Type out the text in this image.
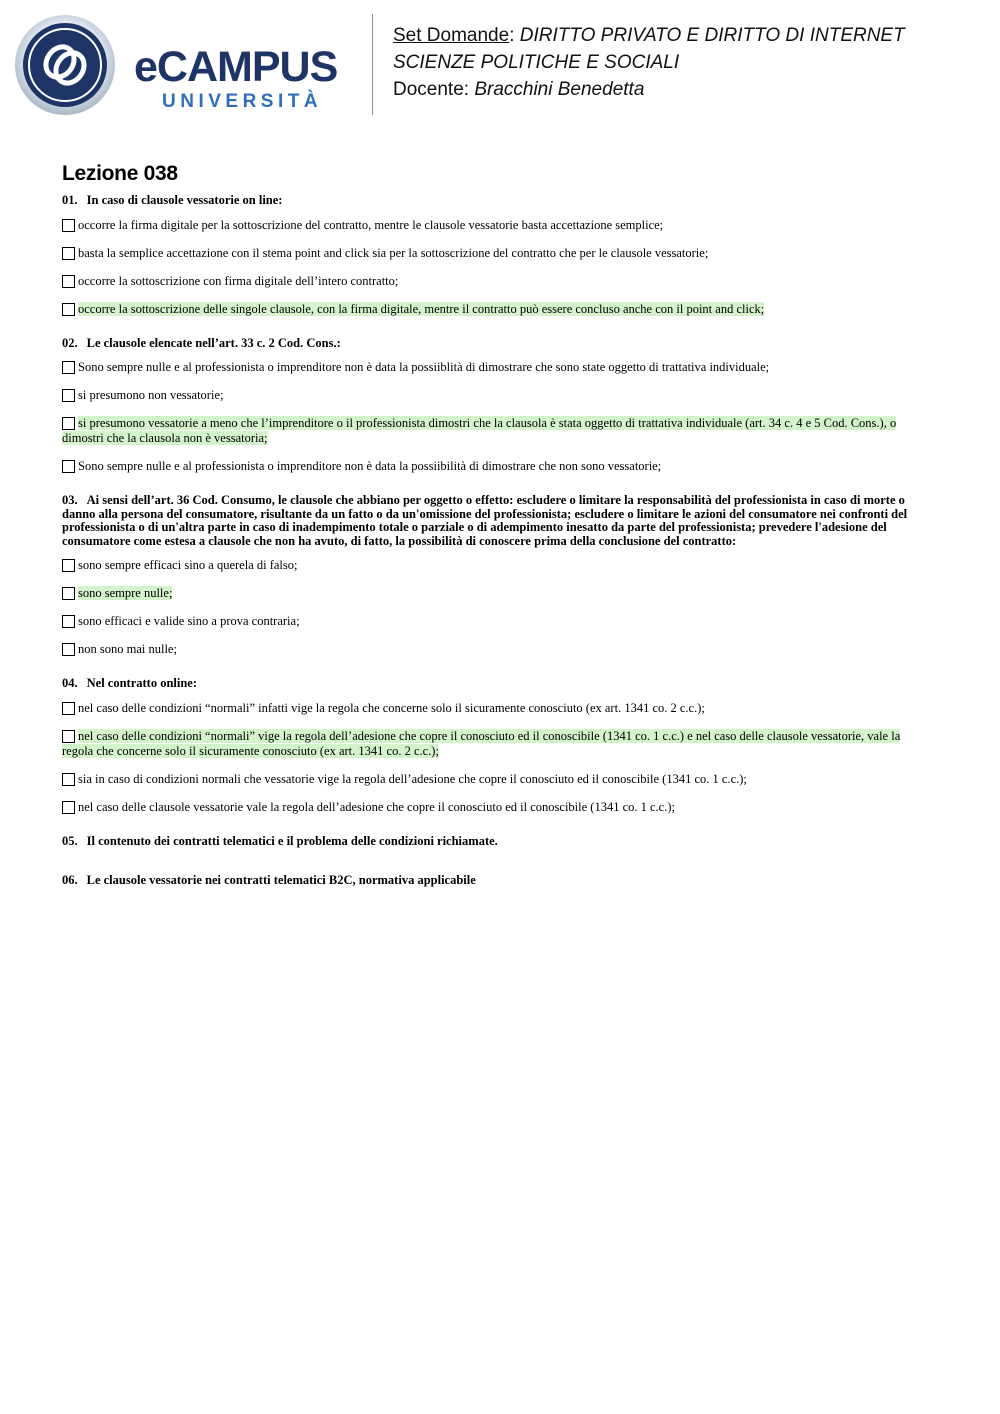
eCAMPUS
UNIVERSITÀ
Set Domande: DIRITTO PRIVATO E DIRITTO DI INTERNET
SCIENZE POLITICHE E SOCIALI
Docente: Bracchini Benedetta
Lezione 038
01. In caso di clausole vessatorie on line:
occorre la firma digitale per la sottoscrizione del contratto, mentre le clausole vessatorie basta accettazione semplice;
basta la semplice accettazione con il stema point and click sia per la sottoscrizione del contratto che per le clausole vessatorie;
occorre la sottoscrizione con firma digitale dell’intero contratto;
occorre la sottoscrizione delle singole clausole, con la firma digitale, mentre il contratto può essere concluso anche con il point and click;
02. Le clausole elencate nell’art. 33 c. 2 Cod. Cons.:
Sono sempre nulle e al professionista o imprenditore non è data la possiiblità di dimostrare che sono state oggetto di trattativa individuale;
si presumono non vessatorie;
si presumono vessatorie a meno che l’imprenditore o il professionista dimostri che la clausola è stata oggetto di trattativa individuale (art. 34 c. 4 e 5 Cod. Cons.), o dimostri che la clausola non è vessatoria;
Sono sempre nulle e al professionista o imprenditore non è data la possiibilità di dimostrare che non sono vessatorie;
03. Ai sensi dell’art. 36 Cod. Consumo, le clausole che abbiano per oggetto o effetto: escludere o limitare la responsabilità del professionista in caso di morte o danno alla persona del consumatore, risultante da un fatto o da un'omissione del professionista; escludere o limitare le azioni del consumatore nei confronti del professionista o di un'altra parte in caso di inadempimento totale o parziale o di adempimento inesatto da parte del professionista; prevedere l'adesione del consumatore come estesa a clausole che non ha avuto, di fatto, la possibilità di conoscere prima della conclusione del contratto:
sono sempre efficaci sino a querela di falso;
sono sempre nulle;
sono efficaci e valide sino a prova contraria;
non sono mai nulle;
04. Nel contratto online:
nel caso delle condizioni “normali” infatti vige la regola che concerne solo il sicuramente conosciuto (ex art. 1341 co. 2 c.c.);
nel caso delle condizioni “normali” vige la regola dell’adesione che copre il conosciuto ed il conoscibile (1341 co. 1 c.c.) e nel caso delle clausole vessatorie, vale la regola che concerne solo il sicuramente conosciuto (ex art. 1341 co. 2 c.c.);
sia in caso di condizioni normali che vessatorie vige la regola dell’adesione che copre il conosciuto ed il conoscibile (1341 co. 1 c.c.);
nel caso delle clausole vessatorie vale la regola dell’adesione che copre il conosciuto ed il conoscibile (1341 co. 1 c.c.);
05. Il contenuto dei contratti telematici e il problema delle condizioni richiamate.
06. Le clausole vessatorie nei contratti telematici B2C, normativa applicabile
